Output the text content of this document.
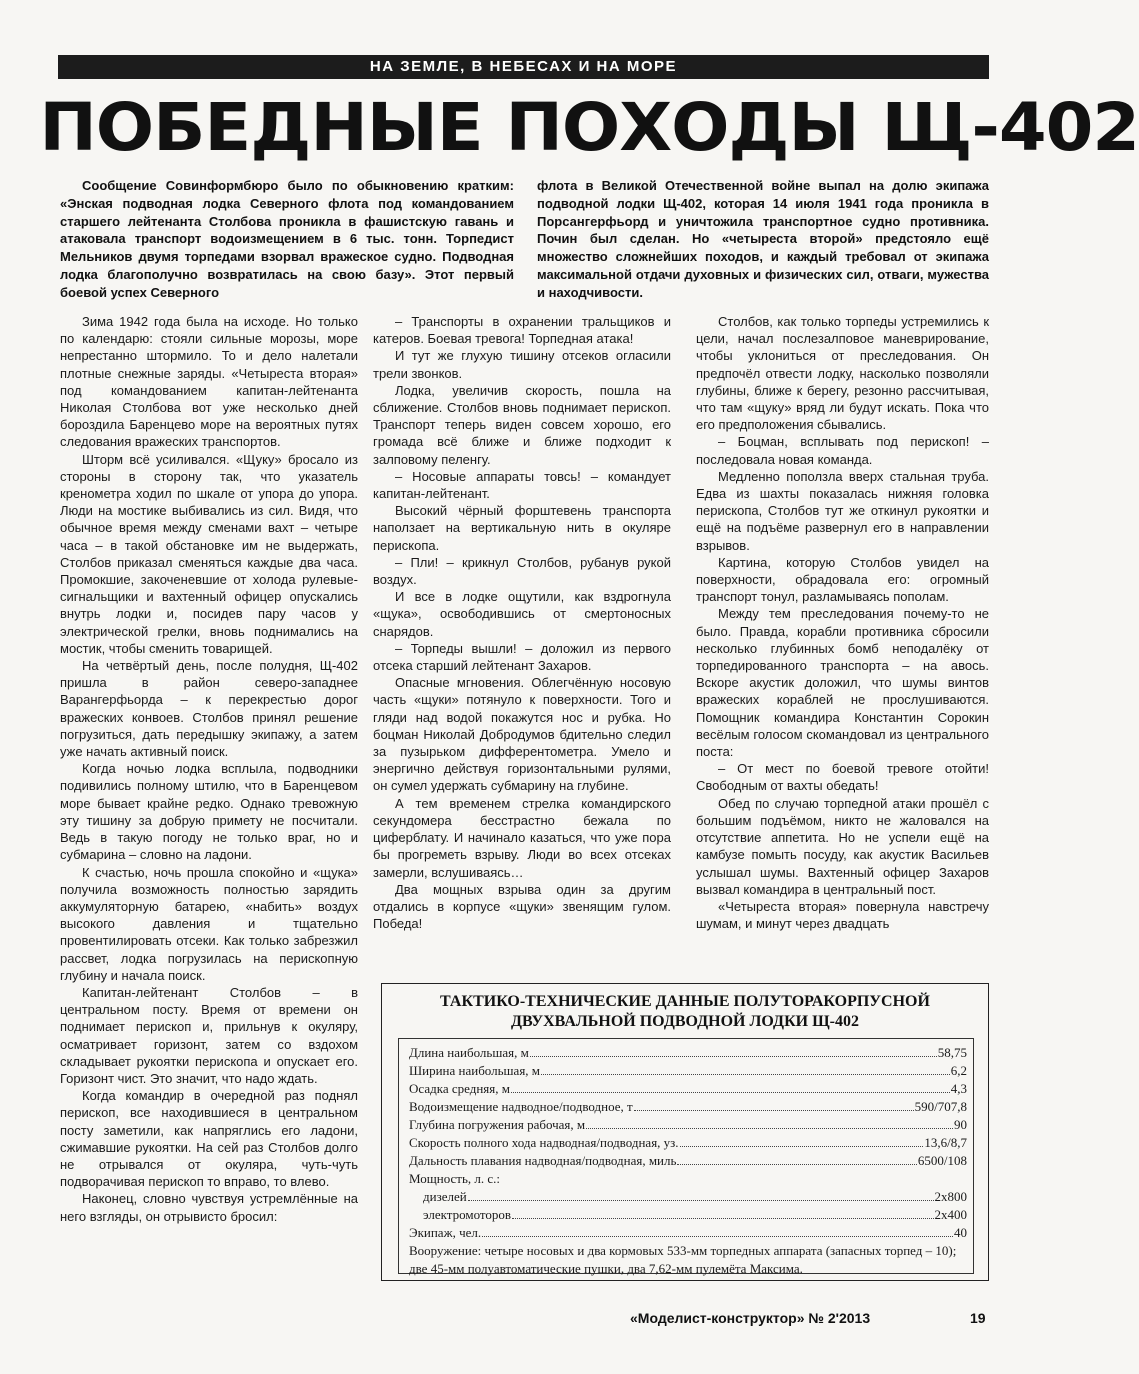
НА ЗЕМЛЕ, В НЕБЕСАХ И НА МОРЕ
ПОБЕДНЫЕ ПОХОДЫ Щ-402
Сообщение Совинформбюро было по обыкновению кратким: «Энская подводная лодка Северного флота под командованием старшего лейтенанта Столбова проникла в фашистскую гавань и атаковала транспорт водоизмещением в 6 тыс. тонн. Торпедист Мельников двумя торпедами взорвал вражеское судно. Подводная лодка благополучно возвратилась на свою базу». Этот первый боевой успех Северного
флота в Великой Отечественной войне выпал на долю экипажа подводной лодки Щ-402, которая 14 июля 1941 года проникла в Порсангерфьорд и уничтожила транспортное судно противника. Почин был сделан. Но «четыреста второй» предстояло ещё множество сложнейших походов, и каждый требовал от экипажа максимальной отдачи духовных и физических сил, отваги, мужества и находчивости.

Зима 1942 года была на исходе. Но только по календарю: стояли сильные морозы, море непрестанно штормило. То и дело налетали плотные снежные заряды. «Четыреста вторая» под командованием капитан-лейтенанта Николая Столбова вот уже несколько дней бороздила Баренцево море на вероятных путях следования вражеских транспортов.

Шторм всё усиливался. «Щуку» бросало из стороны в сторону так, что указатель кренометра ходил по шкале от упора до упора. Люди на мостике выбивались из сил. Видя, что обычное время между сменами вахт – четыре часа – в такой обстановке им не выдержать, Столбов приказал сменяться каждые два часа. Промокшие, закоченевшие от холода рулевые-сигнальщики и вахтенный офицер опускались внутрь лодки и, посидев пару часов у электрической грелки, вновь поднимались на мостик, чтобы сменить товарищей.

На четвёртый день, после полудня, Щ-402 пришла в район северо-западнее Варангерфьорда – к перекрестью дорог вражеских конвоев. Столбов принял решение погрузиться, дать передышку экипажу, а затем уже начать активный поиск.

Когда ночью лодка всплыла, подводники подивились полному штилю, что в Баренцевом море бывает крайне редко. Однако тревожную эту тишину за добрую примету не посчитали. Ведь в такую погоду не только враг, но и субмарина – словно на ладони.

К счастью, ночь прошла спокойно и «щука» получила возможность полностью зарядить аккумуляторную батарею, «набить» воздух высокого давления и тщательно провентилировать отсеки. Как только забрезжил рассвет, лодка погрузилась на перископную глубину и начала поиск.

Капитан-лейтенант Столбов – в центральном посту. Время от времени он поднимает перископ и, прильнув к окуляру, осматривает горизонт, затем со вздохом складывает рукоятки перископа и опускает его. Горизонт чист. Это значит, что надо ждать.

Когда командир в очередной раз поднял перископ, все находившиеся в центральном посту заметили, как напряглись его ладони, сжимавшие рукоятки. На сей раз Столбов долго не отрывался от окуляра, чуть-чуть подворачивая перископ то вправо, то влево.

Наконец, словно чувствуя устремлённые на него взгляды, он отрывисто бросил:

– Транспорты в охранении тральщиков и катеров. Боевая тревога! Торпедная атака!

И тут же глухую тишину отсеков огласили трели звонков.

Лодка, увеличив скорость, пошла на сближение. Столбов вновь поднимает перископ. Транспорт теперь виден совсем хорошо, его громада всё ближе и ближе подходит к залповому пеленгу.

– Носовые аппараты товсь! – командует капитан-лейтенант.

Высокий чёрный форштевень транспорта наползает на вертикальную нить в окуляре перископа.

– Пли! – крикнул Столбов, рубанув рукой воздух.

И все в лодке ощутили, как вздрогнула «щука», освободившись от смертоносных снарядов.

– Торпеды вышли! – доложил из первого отсека старший лейтенант Захаров.

Опасные мгновения. Облегчённую носовую часть «щуки» потянуло к поверхности. Того и гляди над водой покажутся нос и рубка. Но боцман Николай Добродумов бдительно следил за пузырьком дифферентометра. Умело и энергично действуя горизонтальными рулями, он сумел удержать субмарину на глубине.

А тем временем стрелка командирского секундомера бесстрастно бежала по циферблату. И начинало казаться, что уже пора бы прогреметь взрыву. Люди во всех отсеках замерли, вслушиваясь…

Два мощных взрыва один за другим отдались в корпусе «щуки» звенящим гулом. Победа!

Столбов, как только торпеды устремились к цели, начал послезалповое маневрирование, чтобы уклониться от преследования. Он предпочёл отвести лодку, насколько позволяли глубины, ближе к берегу, резонно рассчитывая, что там «щуку» вряд ли будут искать. Пока что его предположения сбывались.

– Боцман, всплывать под перископ! – последовала новая команда.

Медленно поползла вверх стальная труба. Едва из шахты показалась нижняя головка перископа, Столбов тут же откинул рукоятки и ещё на подъёме развернул его в направлении взрывов.

Картина, которую Столбов увидел на поверхности, обрадовала его: огромный транспорт тонул, разламываясь пополам.

Между тем преследования почему-то не было. Правда, корабли противника сбросили несколько глубинных бомб неподалёку от торпедированного транспорта – на авось. Вскоре акустик доложил, что шумы винтов вражеских кораблей не прослушиваются. Помощник командира Константин Сорокин весёлым голосом скомандовал из центрального поста:

– От мест по боевой тревоге отойти! Свободным от вахты обедать!

Обед по случаю торпедной атаки прошёл с большим подъёмом, никто не жаловался на отсутствие аппетита. Но не успели ещё на камбузе помыть посуду, как акустик Васильев услышал шумы. Вахтенный офицер Захаров вызвал командира в центральный пост.

«Четыреста вторая» повернула навстречу шумам, и минут через двадцать

ТАКТИКО-ТЕХНИЧЕСКИЕ ДАННЫЕ ПОЛУТОРАКОРПУСНОЙ
ДВУХВАЛЬНОЙ ПОДВОДНОЙ ЛОДКИ Щ-402
Длина наибольшая, м	58,75
Ширина наибольшая, м	6,2
Осадка средняя, м	4,3
Водоизмещение надводное/подводное, т	590/707,8
Глубина погружения рабочая, м	90
Скорость полного хода надводная/подводная, уз.	13,6/8,7
Дальность плавания надводная/подводная, миль	6500/108
Мощность, л. с.:
дизелей	2x800
электромоторов	2x400
Экипаж, чел.	40
Вооружение: четыре носовых и два кормовых 533-мм торпедных аппарата (запасных торпед – 10); две 45-мм полуавтоматические пушки, два 7,62-мм пулемёта Максима.
«Моделист-конструктор» № 2'2013	19
